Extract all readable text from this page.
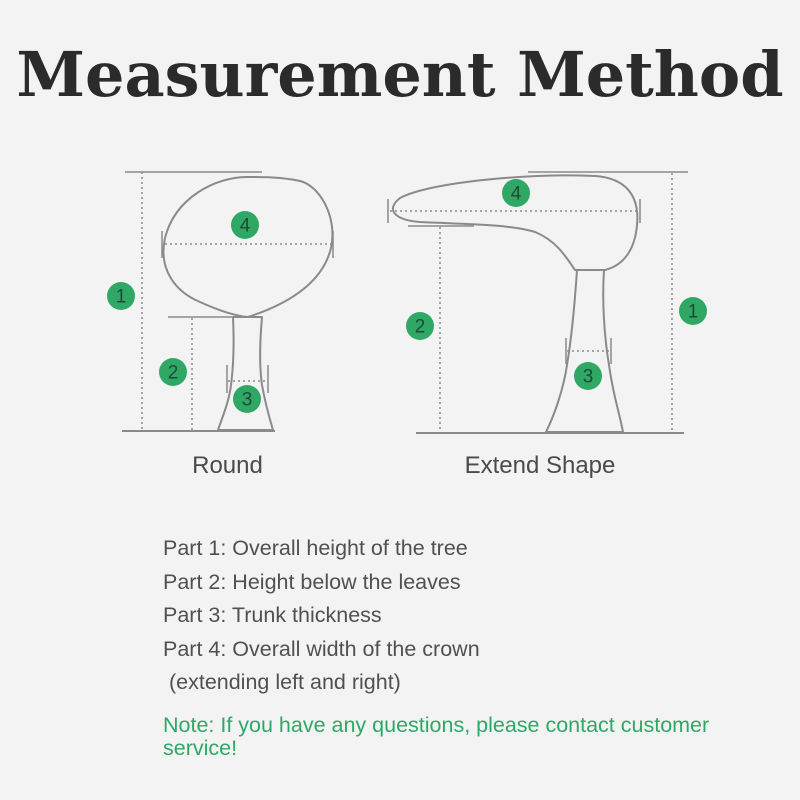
Measurement Method
1
2
3
4
1
2
3
4
Round	Extend Shape
Part 1: Overall height of the tree
Part 2: Height below the leaves
Part 3: Trunk thickness
Part 4: Overall width of the crown
(extending left and right)
Note: If you have any questions, please contact customer service!
